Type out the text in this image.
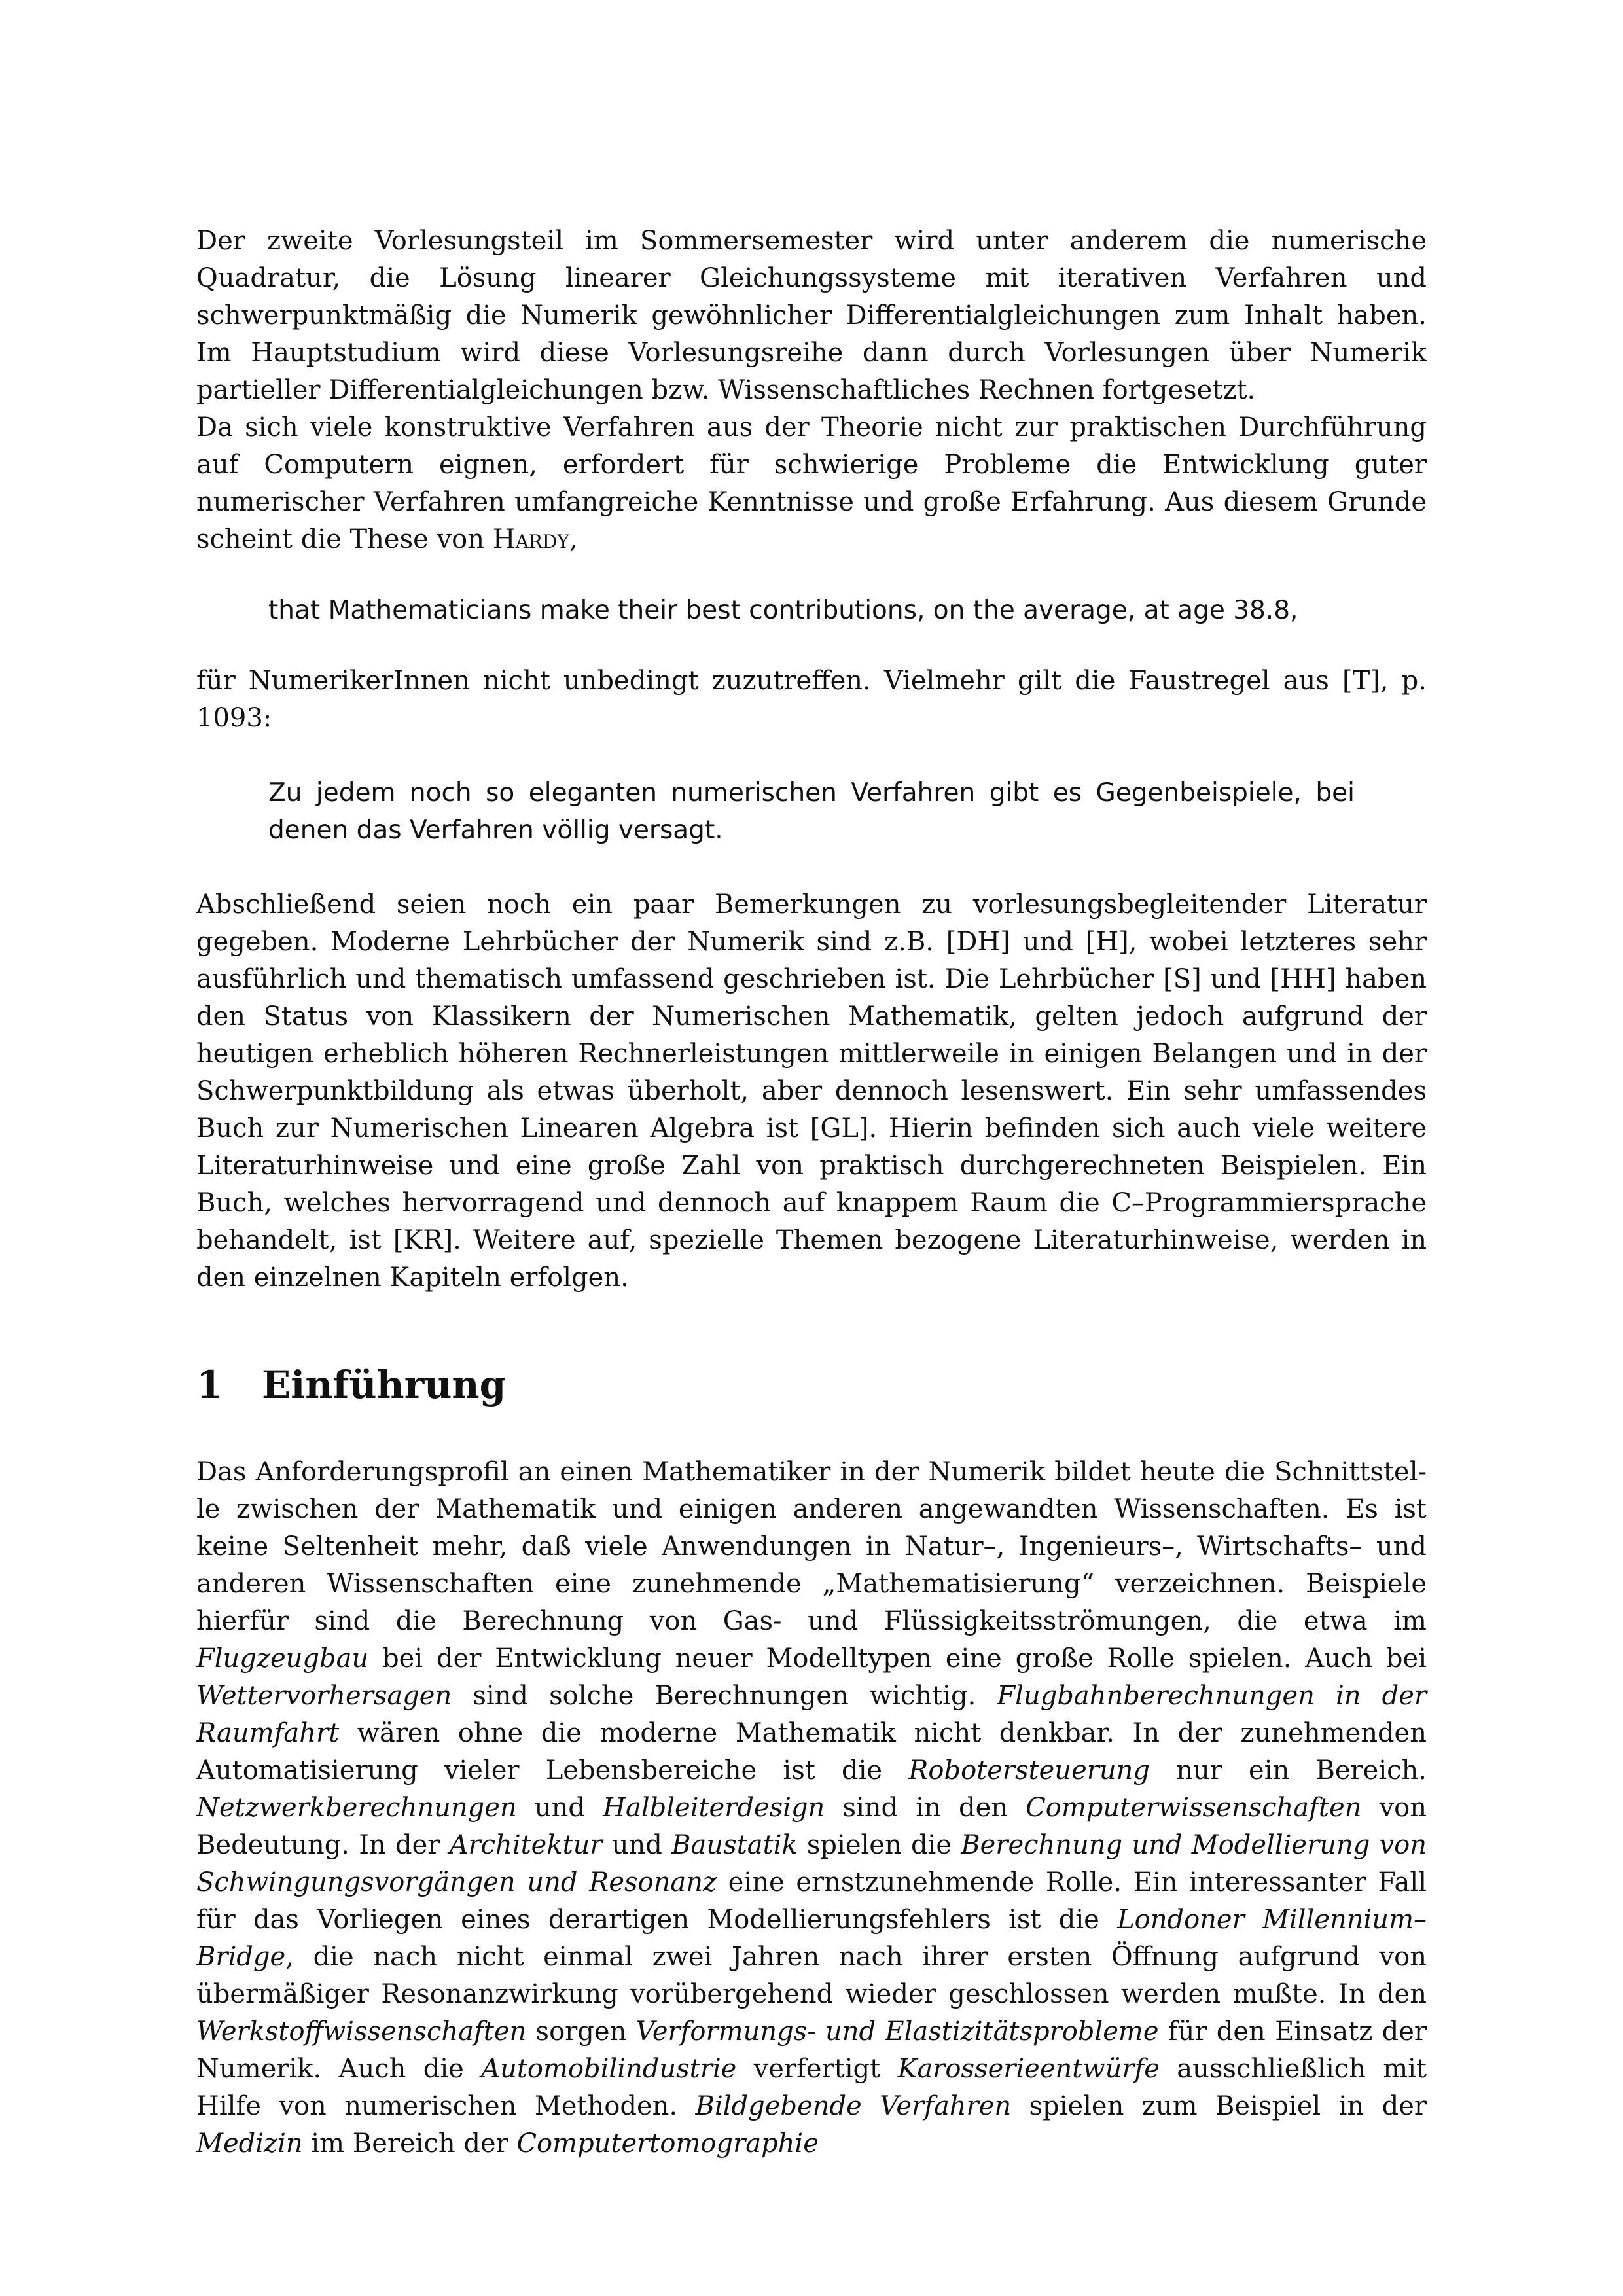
Der zweite Vorlesungsteil im Sommersemester wird unter anderem die numerische Quadratur, die Lösung linearer Gleichungssysteme mit iterativen Verfahren und schwerpunktmäßig die Numerik gewöhnlicher Differentialgleichungen zum Inhalt haben. Im Hauptstudium wird diese Vorlesungsreihe dann durch Vorlesungen über Numerik partieller Differentialgleichungen bzw. Wissenschaftliches Rechnen fortgesetzt.

Da sich viele konstruktive Verfahren aus der Theorie nicht zur praktischen Durchführung auf Computern eignen, erfordert für schwierige Probleme die Entwicklung guter numerischer Verfahren umfangreiche Kenntnisse und große Erfahrung. Aus diesem Grunde scheint die These von Hardy,

that Mathematicians make their best contributions, on the average, at age 38.8,

für NumerikerInnen nicht unbedingt zuzutreffen. Vielmehr gilt die Faustregel aus [T], p. 1093:

Zu jedem noch so eleganten numerischen Verfahren gibt es Gegenbeispiele, bei denen das Verfahren völlig versagt.

Abschließend seien noch ein paar Bemerkungen zu vorlesungsbegleitender Literatur gegeben. Moderne Lehrbücher der Numerik sind z.B. [DH] und [H], wobei letzteres sehr ausführlich und thematisch umfassend geschrieben ist. Die Lehrbücher [S] und [HH] haben den Status von Klassikern der Numerischen Mathematik, gelten jedoch aufgrund der heutigen erheblich höheren Rechnerleistungen mittlerweile in einigen Belangen und in der Schwerpunktbildung als etwas überholt, aber dennoch lesenswert. Ein sehr umfassendes Buch zur Numerischen Linearen Algebra ist [GL]. Hierin befinden sich auch viele weitere Literaturhinweise und eine große Zahl von praktisch durchgerechneten Beispielen. Ein Buch, welches hervorragend und dennoch auf knappem Raum die C–Programmiersprache behandelt, ist [KR]. Weitere auf, spezielle Themen bezogene Literaturhinweise, werden in den einzelnen Kapiteln erfolgen.

1 Einführung

Das Anforderungsprofil an einen Mathematiker in der Numerik bildet heute die Schnittstelle zwischen der Mathematik und einigen anderen angewandten Wissenschaften. Es ist keine Seltenheit mehr, daß viele Anwendungen in Natur–, Ingenieurs–, Wirtschafts– und anderen Wissenschaften eine zunehmende „Mathematisierung“ verzeichnen. Beispiele hierfür sind die Berechnung von Gas- und Flüssigkeitsströmungen, die etwa im Flugzeugbau bei der Entwicklung neuer Modelltypen eine große Rolle spielen. Auch bei Wettervorhersagen sind solche Berechnungen wichtig. Flugbahnberechnungen in der Raumfahrt wären ohne die moderne Mathematik nicht denkbar. In der zunehmenden Automatisierung vieler Lebensbereiche ist die Robotersteuerung nur ein Bereich. Netzwerkberechnungen und Halbleiterdesign sind in den Computerwissenschaften von Bedeutung. In der Architektur und Baustatik spielen die Berechnung und Modellierung von Schwingungsvorgängen und Resonanz eine ernstzunehmende Rolle. Ein interessanter Fall für das Vorliegen eines derartigen Modellierungsfehlers ist die Londoner Millennium–Bridge, die nach nicht einmal zwei Jahren nach ihrer ersten Öffnung aufgrund von übermäßiger Resonanzwirkung vorübergehend wieder geschlossen werden mußte. In den Werkstoffwissenschaften sorgen Verformungs- und Elastizitätsprobleme für den Einsatz der Numerik. Auch die Automobilindustrie verfertigt Karosserieentwürfe ausschließlich mit Hilfe von numerischen Methoden. Bildgebende Verfahren spielen zum Beispiel in der Medizin im Bereich der Computertomographie
